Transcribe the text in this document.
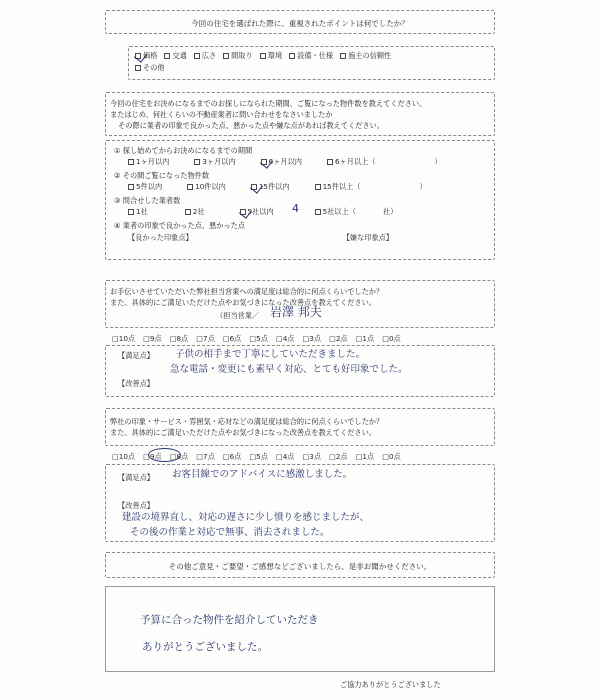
今回の住宅を選ばれた際に、重視されたポイントは何でしたか？
価格 交通 広さ 間取り 環境 設備・仕様 施主の信頼性
その他
今回の住宅をお決めになるまでのお探しになられた期間、ご覧になった物件数を教えてください。
またはじめ、何社くらいの不動産業者に問い合わせをなさいましたか
その際に業者の印象で良かった点、悪かった点や嫌な点があれば教えてください。
① 探し始めてからお決めになるまでの期間
1ヶ月以内	3ヶ月以内	6ヶ月以内	6ヶ月以上（	）
② その間ご覧になった物件数
5件以内	10件以内	15件以内	15件以上（	）
③ 問合せした業者数
1社	2社	5社以内	5社以上（	社）
④ 業者の印象で良かった点、悪かった点
【良かった印象点】	【嫌な印象点】
4
お手伝いさせていただいた弊社担当営業への満足度は総合的に何点くらいでしたか？
また、具体的にご満足いただけた点やお気づきになった改善点を教えてください。
（担当営業／ 岩澤 邦夫
□10点 □9点 □8点 □7点 □6点 □5点 □4点 □3点 □2点 □1点 □0点
【満足点】 子供の相手まで丁寧にしていただきました。
急な電話・変更にも素早く対応、とても好印象でした。
【改善点】
弊社の印象・サービス・雰囲気・応対などの満足度は総合的に何点くらいでしたか？
また、具体的にご満足いただけた点やお気づきになった改善点を教えてください。
□10点 □9点 □8点 □7点 □6点 □5点 □4点 □3点 □2点 □1点 □0点
【満足点】 お客目線でのアドバイスに感激しました。
【改善点】
建設の境界直し、対応の遅さに少し憤りを感じましたが、
その後の作業と対応で無事、消去されました。
その他ご意見・ご要望・ご感想などございましたら、是非お聞かせください。
予算に合った物件を紹介していただき
ありがとうございました。
ご協力ありがとうございました
